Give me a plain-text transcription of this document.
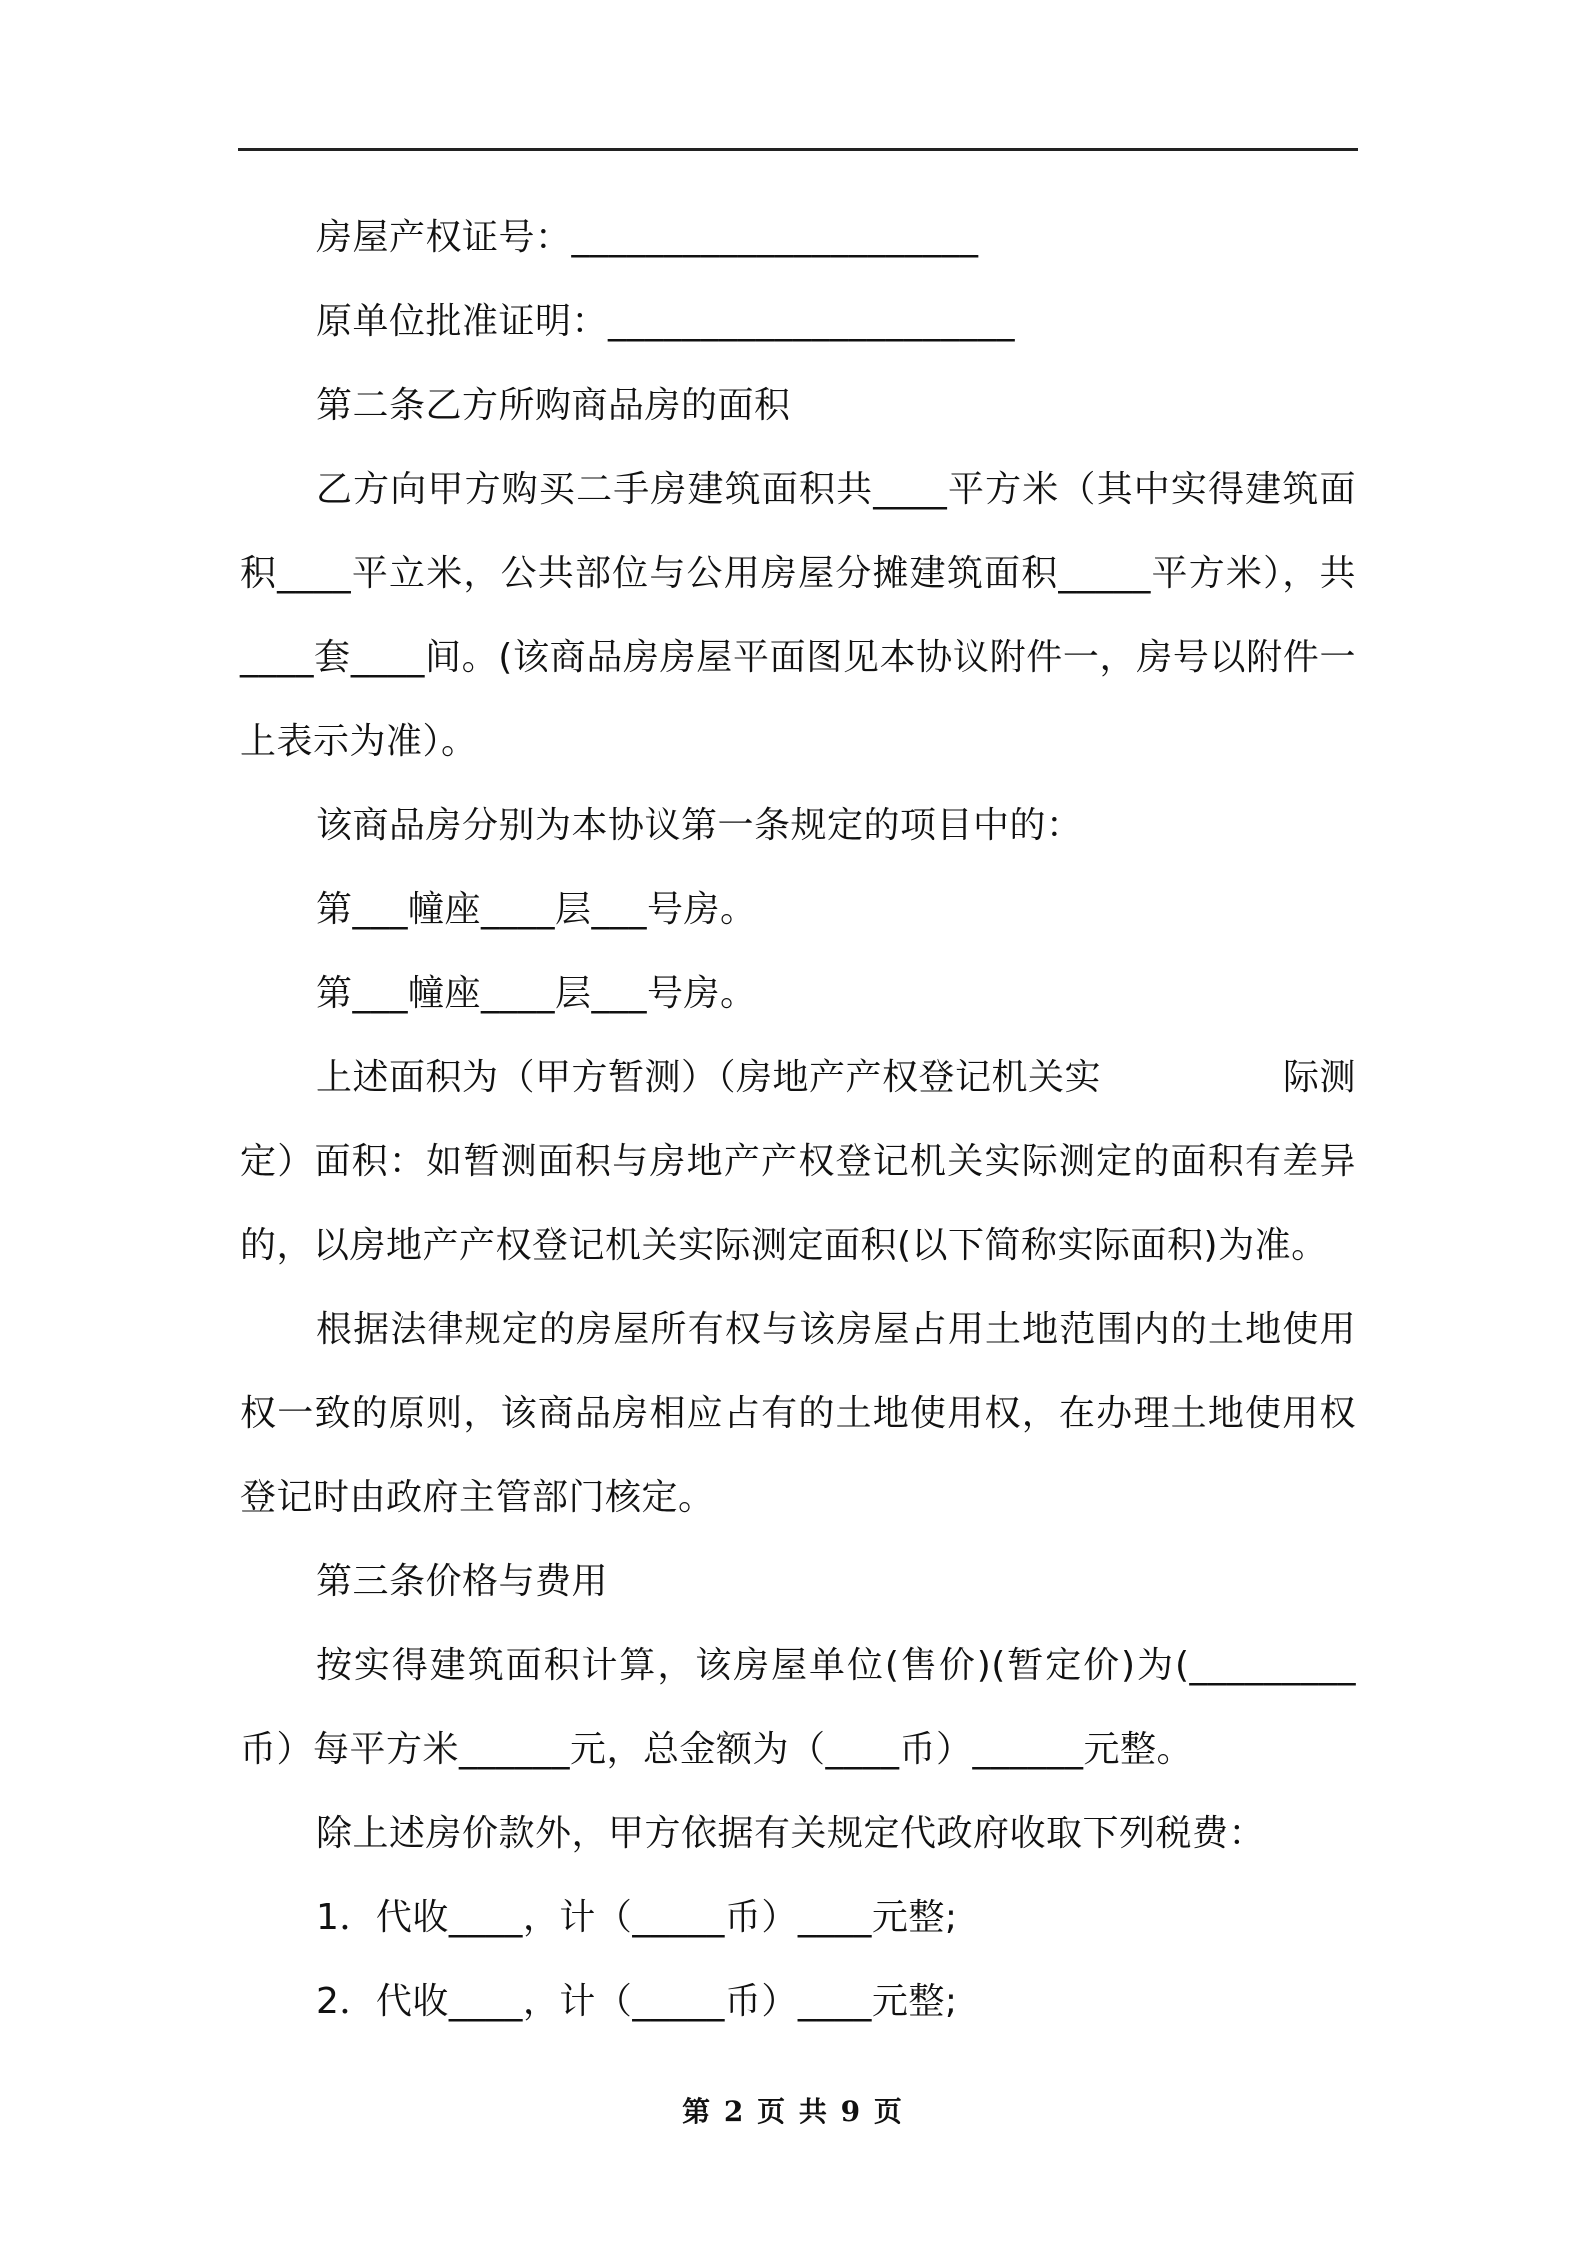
房屋产权证号：______________________
原单位批准证明：______________________
第二条乙方所购商品房的面积
乙方向甲方购买二手房建筑面积共____平方米（其中实得建筑面积____平立米，公共部位与公用房屋分摊建筑面积_____平方米），共____套____间。(该商品房房屋平面图见本协议附件一，房号以附件一上表示为准）。
该商品房分别为本协议第一条规定的项目中的：
第___幢座____层___号房。
第___幢座____层___号房。
上述面积为（甲方暂测）（房地产产权登记机关实	际测
定）面积：如暂测面积与房地产产权登记机关实际测定的面积有差异的，以房地产产权登记机关实际测定面积(以下简称实际面积)为准。
根据法律规定的房屋所有权与该房屋占用土地范围内的土地使用权一致的原则，该商品房相应占有的土地使用权，在办理土地使用权登记时由政府主管部门核定。
第三条价格与费用
按实得建筑面积计算，该房屋单位(售价)(暂定价)为(_________币）每平方米______元，总金额为（____币）______元整。
除上述房价款外，甲方依据有关规定代政府收取下列税费：
1．代收____，计（_____币）____元整;
2．代收____，计（_____币）____元整;
第 2 页 共 9 页
